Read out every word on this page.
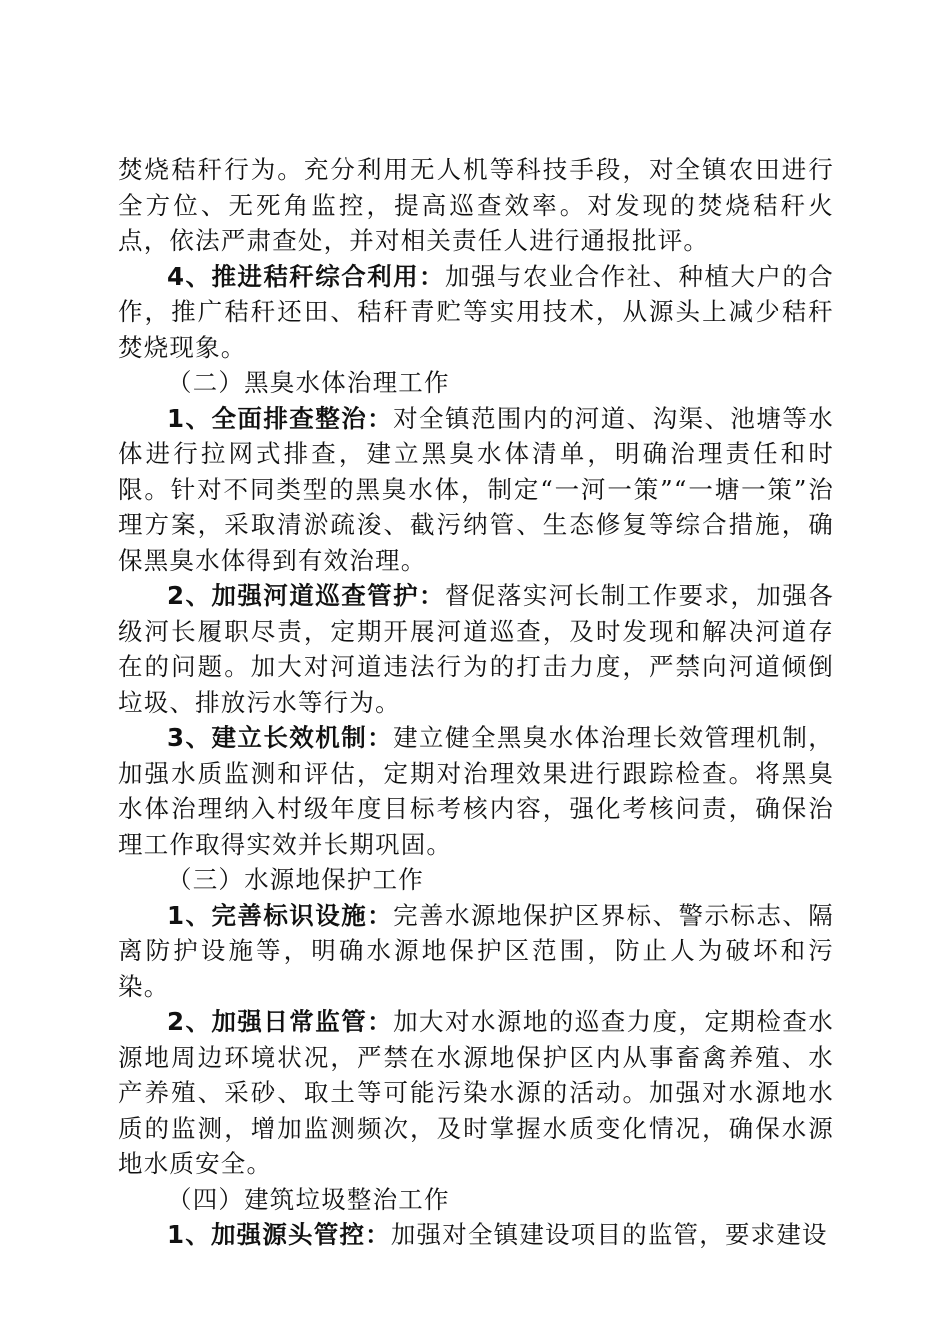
焚烧秸秆行为。充分利用无人机等科技手段，对全镇农田进行全方位、无死角监控，提高巡查效率。对发现的焚烧秸秆火点，依法严肃查处，并对相关责任人进行通报批评。

4、推进秸秆综合利用：加强与农业合作社、种植大户的合作，推广秸秆还田、秸秆青贮等实用技术，从源头上减少秸秆焚烧现象。

（二）黑臭水体治理工作

1、全面排查整治：对全镇范围内的河道、沟渠、池塘等水体进行拉网式排查，建立黑臭水体清单，明确治理责任和时限。针对不同类型的黑臭水体，制定“一河一策”“一塘一策”治理方案，采取清淤疏浚、截污纳管、生态修复等综合措施，确保黑臭水体得到有效治理。

2、加强河道巡查管护：督促落实河长制工作要求，加强各级河长履职尽责，定期开展河道巡查，及时发现和解决河道存在的问题。加大对河道违法行为的打击力度，严禁向河道倾倒垃圾、排放污水等行为。

3、建立长效机制：建立健全黑臭水体治理长效管理机制，加强水质监测和评估，定期对治理效果进行跟踪检查。将黑臭水体治理纳入村级年度目标考核内容，强化考核问责，确保治理工作取得实效并长期巩固。

（三）水源地保护工作

1、完善标识设施：完善水源地保护区界标、警示标志、隔离防护设施等，明确水源地保护区范围，防止人为破坏和污染。

2、加强日常监管：加大对水源地的巡查力度，定期检查水源地周边环境状况，严禁在水源地保护区内从事畜禽养殖、水产养殖、采砂、取土等可能污染水源的活动。加强对水源地水质的监测，增加监测频次，及时掌握水质变化情况，确保水源地水质安全。

（四）建筑垃圾整治工作

1、加强源头管控：加强对全镇建设项目的监管，要求建设
